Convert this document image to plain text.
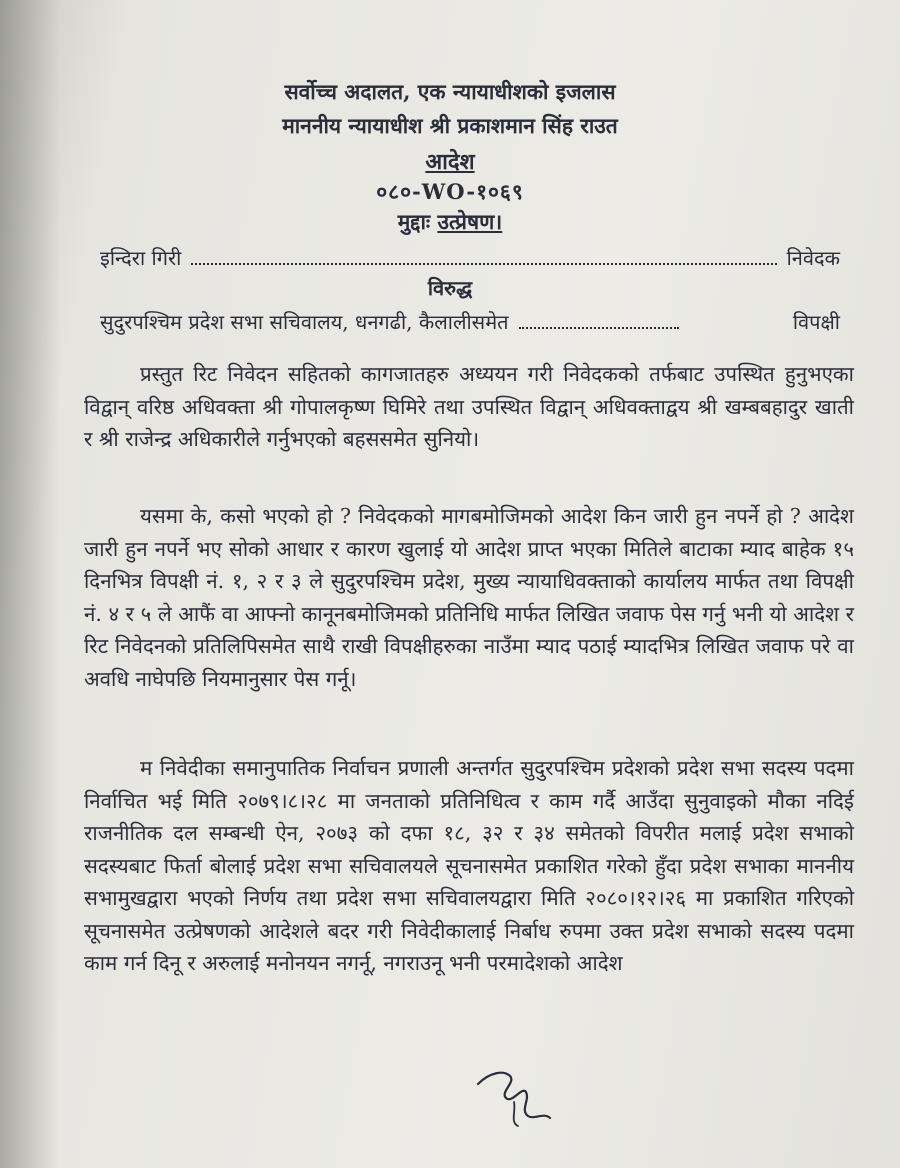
सर्वोच्च अदालत, एक न्यायाधीशको इजलास
माननीय न्यायाधीश श्री प्रकाशमान सिंह राउत
आदेश
०८०-WO-१०६९
मुद्दाः उत्प्रेषण।
इन्दिरा गिरी	निवेदक
विरुद्ध
सुदुरपश्चिम प्रदेश सभा सचिवालय, धनगढी, कैलालीसमेत	विपक्षी
प्रस्तुत रिट निवेदन सहितको कागजातहरु अध्ययन गरी निवेदकको तर्फबाट उपस्थित हुनुभएका विद्वान् वरिष्ठ अधिवक्ता श्री गोपालकृष्ण घिमिरे तथा उपस्थित विद्वान् अधिवक्ताद्वय श्री खम्बबहादुर खाती र श्री राजेन्द्र अधिकारीले गर्नुभएको बहससमेत सुनियो।
यसमा के, कसो भएको हो ? निवेदकको मागबमोजिमको आदेश किन जारी हुन नपर्ने हो ? आदेश जारी हुन नपर्ने भए सोको आधार र कारण खुलाई यो आदेश प्राप्त भएका मितिले बाटाका म्याद बाहेक १५ दिनभित्र विपक्षी नं. १, २ र ३ ले सुदुरपश्चिम प्रदेश, मुख्य न्यायाधिवक्ताको कार्यालय मार्फत तथा विपक्षी नं. ४ र ५ ले आफैं वा आफ्नो कानूनबमोजिमको प्रतिनिधि मार्फत लिखित जवाफ पेस गर्नु भनी यो आदेश र रिट निवेदनको प्रतिलिपिसमेत साथै राखी विपक्षीहरुका नाउँमा म्याद पठाई म्यादभित्र लिखित जवाफ परे वा अवधि नाघेपछि नियमानुसार पेस गर्नू।
म निवेदीका समानुपातिक निर्वाचन प्रणाली अन्तर्गत सुदुरपश्चिम प्रदेशको प्रदेश सभा सदस्य पदमा निर्वाचित भई मिति २०७९।८।२८ मा जनताको प्रतिनिधित्व र काम गर्दै आउँदा सुनुवाइको मौका नदिई राजनीतिक दल सम्बन्धी ऐन, २०७३ को दफा १८, ३२ र ३४ समेतको विपरीत मलाई प्रदेश सभाको सदस्यबाट फिर्ता बोलाई प्रदेश सभा सचिवालयले सूचनासमेत प्रकाशित गरेको हुँदा प्रदेश सभाका माननीय सभामुखद्वारा भएको निर्णय तथा प्रदेश सभा सचिवालयद्वारा मिति २०८०।१२।२६ मा प्रकाशित गरिएको सूचनासमेत उत्प्रेषणको आदेशले बदर गरी निवेदीकालाई निर्बाध रुपमा उक्त प्रदेश सभाको सदस्य पदमा काम गर्न दिनू र अरुलाई मनोनयन नगर्नू, नगराउनू भनी परमादेशको आदेश
